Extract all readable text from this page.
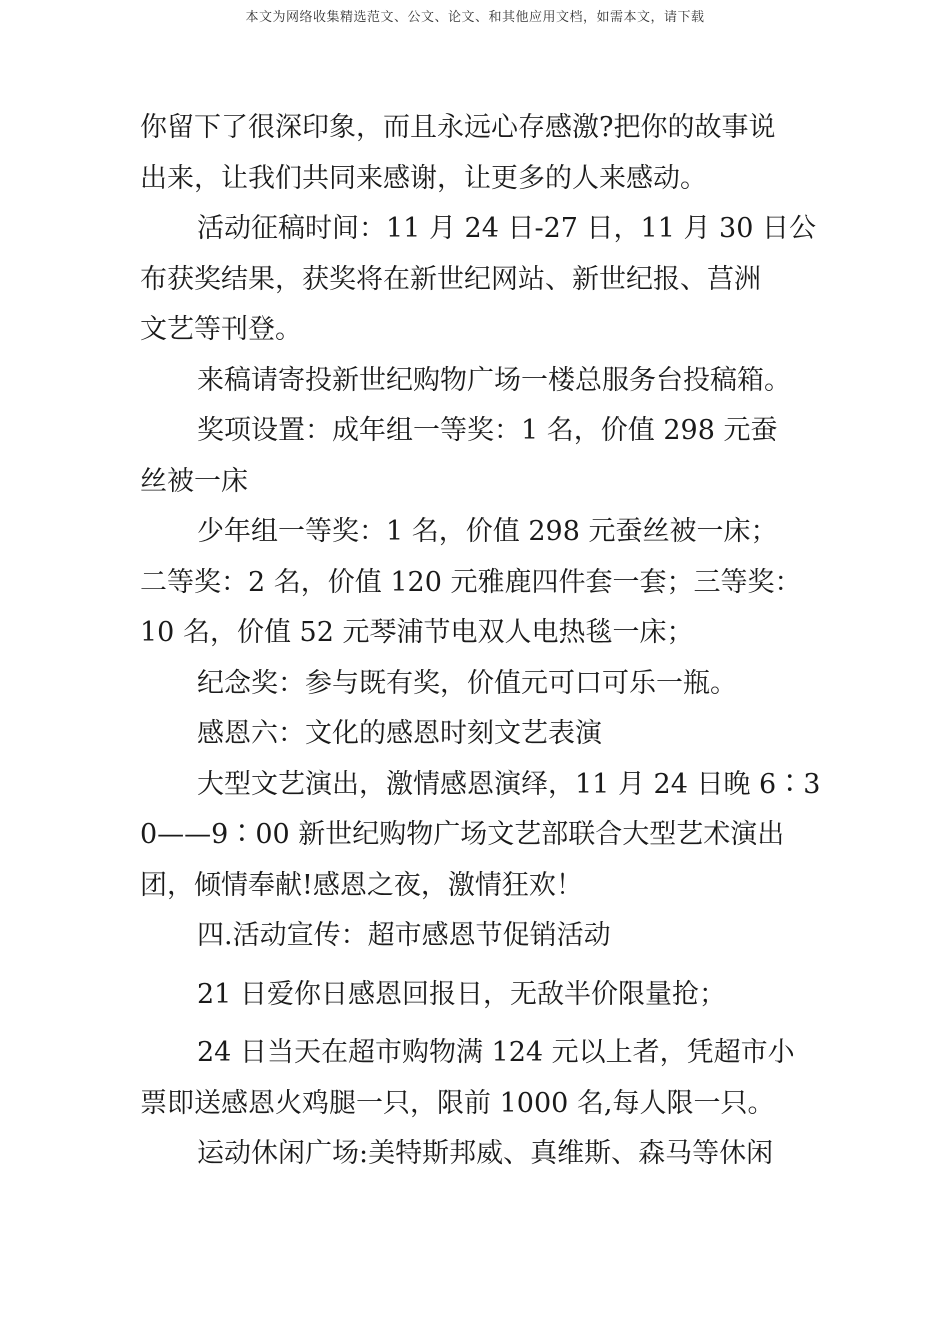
本文为网络收集精选范文、公文、论文、和其他应用文档，如需本文，请下载
你留下了很深印象，而且永远心存感激?把你的故事说
出来，让我们共同来感谢，让更多的人来感动。
活动征稿时间：11 月 24 日-27 日，11 月 30 日公
布获奖结果，获奖将在新世纪网站、新世纪报、莒洲
文艺等刊登。
来稿请寄投新世纪购物广场一楼总服务台投稿箱。
奖项设置：成年组一等奖：1 名，价值 298 元蚕
丝被一床
少年组一等奖：1 名，价值 298 元蚕丝被一床；
二等奖：2 名，价值 120 元雅鹿四件套一套；三等奖：
10 名，价值 52 元琴浦节电双人电热毯一床；
纪念奖：参与既有奖，价值元可口可乐一瓶。
感恩六：文化的感恩时刻文艺表演
大型文艺演出，激情感恩演绎，11 月 24 日晚 6∶3
0——9∶00 新世纪购物广场文艺部联合大型艺术演出
团，倾情奉献!感恩之夜，激情狂欢！
四.活动宣传：超市感恩节促销活动
21 日爱你日感恩回报日，无敌半价限量抢；
24 日当天在超市购物满 124 元以上者，凭超市小
票即送感恩火鸡腿一只，限前 1000 名,每人限一只。
运动休闲广场:美特斯邦威、真维斯、森马等休闲
